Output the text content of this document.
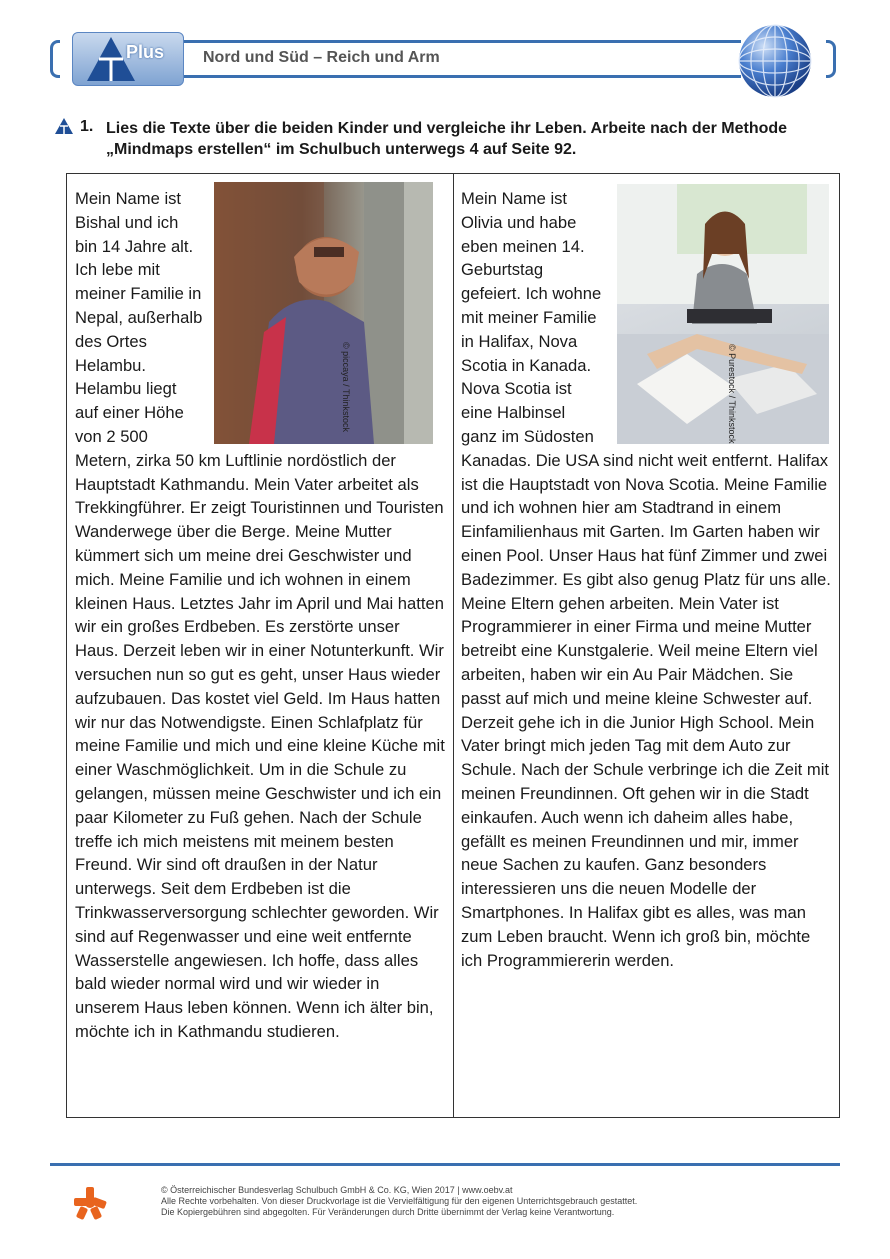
Plus Nord und Süd – Reich und Arm
1. Lies die Texte über die beiden Kinder und vergleiche ihr Leben. Arbeite nach der Methode „Mindmaps erstellen“ im Schulbuch unterwegs 4 auf Seite 92.
© piccaya / Thinkstock
Mein Name ist Bishal und ich bin 14 Jahre alt. Ich lebe mit meiner Familie in Nepal, außerhalb des Ortes Helambu. Helambu liegt auf einer Höhe von 2 500 Metern, zirka 50 km Luftlinie nordöstlich der Hauptstadt Kathmandu. Mein Vater arbeitet als Trekkingführer. Er zeigt Touristinnen und Touristen Wanderwege über die Berge. Meine Mutter kümmert sich um meine drei Geschwister und mich. Meine Familie und ich wohnen in einem kleinen Haus. Letztes Jahr im April und Mai hatten wir ein großes Erdbeben. Es zerstörte unser Haus. Derzeit leben wir in einer Notunterkunft. Wir versuchen nun so gut es geht, unser Haus wieder aufzubauen. Das kostet viel Geld. Im Haus hatten wir nur das Notwendigste. Einen Schlafplatz für meine Familie und mich und eine kleine Küche mit einer Waschmöglichkeit. Um in die Schule zu gelangen, müssen meine Geschwister und ich ein paar Kilometer zu Fuß gehen. Nach der Schule treffe ich mich meistens mit meinem besten Freund. Wir sind oft draußen in der Natur unterwegs. Seit dem Erdbeben ist die Trinkwasserversorgung schlechter geworden. Wir sind auf Regenwasser und eine weit entfernte Wasserstelle angewiesen. Ich hoffe, dass alles bald wieder normal wird und wir wieder in unserem Haus leben können. Wenn ich älter bin, möchte ich in Kathmandu studieren.
© Purestock / Thinkstock
Mein Name ist Olivia und habe eben meinen 14. Geburtstag gefeiert. Ich wohne mit meiner Familie in Halifax, Nova Scotia in Kanada. Nova Scotia ist eine Halbinsel ganz im Südosten Kanadas. Die USA sind nicht weit entfernt. Halifax ist die Hauptstadt von Nova Scotia. Meine Familie und ich wohnen hier am Stadtrand in einem Einfamilienhaus mit Garten. Im Garten haben wir einen Pool. Unser Haus hat fünf Zimmer und zwei Badezimmer. Es gibt also genug Platz für uns alle. Meine Eltern gehen arbeiten. Mein Vater ist Programmierer in einer Firma und meine Mutter betreibt eine Kunstgalerie. Weil meine Eltern viel arbeiten, haben wir ein Au Pair Mädchen. Sie passt auf mich und meine kleine Schwester auf. Derzeit gehe ich in die Junior High School. Mein Vater bringt mich jeden Tag mit dem Auto zur Schule. Nach der Schule verbringe ich die Zeit mit meinen Freundinnen. Oft gehen wir in die Stadt einkaufen. Auch wenn ich daheim alles habe, gefällt es meinen Freundinnen und mir, immer neue Sachen zu kaufen. Ganz besonders interessieren uns die neuen Modelle der Smartphones. In Halifax gibt es alles, was man zum Leben braucht. Wenn ich groß bin, möchte ich Programmiererin werden.
© Österreichischer Bundesverlag Schulbuch GmbH & Co. KG, Wien 2017 | www.oebv.at
Alle Rechte vorbehalten. Von dieser Druckvorlage ist die Vervielfältigung für den eigenen Unterrichtsgebrauch gestattet.
Die Kopiergebühren sind abgegolten. Für Veränderungen durch Dritte übernimmt der Verlag keine Verantwortung.
